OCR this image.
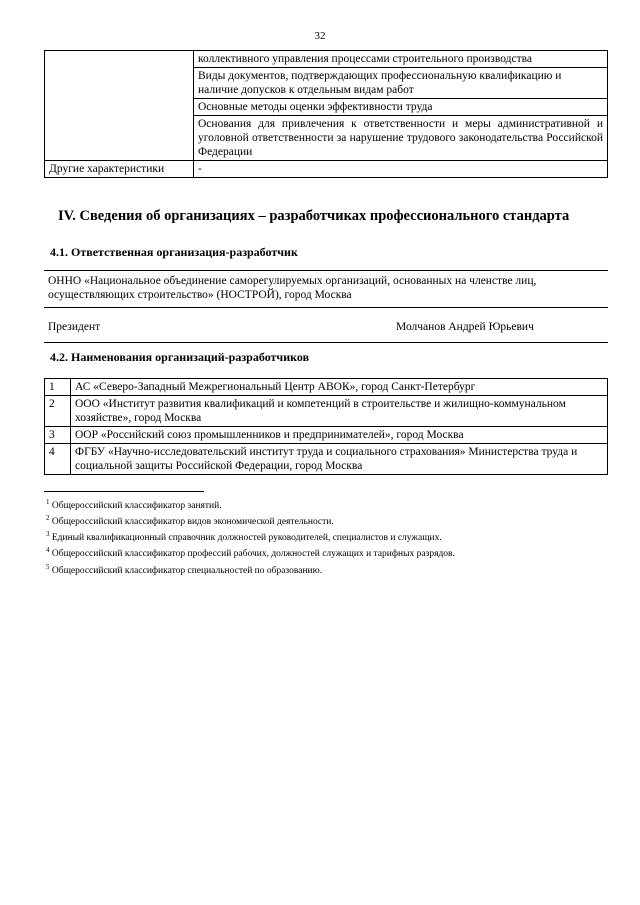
32
	коллективного управления процессами строительного производства
	Виды документов, подтверждающих профессиональную квалификацию и наличие допусков к отдельным видам работ
	Основные методы оценки эффективности труда
	Основания для привлечения к ответственности и меры административной и уголовной ответственности за нарушение трудового законодательства Российской Федерации
Другие характеристики	-
IV. Сведения об организациях – разработчиках профессионального стандарта
4.1. Ответственная организация-разработчик
ОННО «Национальное объединение саморегулируемых организаций, основанных на членстве лиц, осуществляющих строительство» (НОСТРОЙ), город Москва
Президент	Молчанов Андрей Юрьевич
4.2. Наименования организаций-разработчиков
1	АС «Северо-Западный Межрегиональный Центр АВОК», город Санкт-Петербург
2	ООО «Институт развития квалификаций и компетенций в строительстве и жилищно-коммунальном хозяйстве», город Москва
3	ООР «Российский союз промышленников и предпринимателей», город Москва
4	ФГБУ «Научно-исследовательский институт труда и социального страхования» Министерства труда и социальной защиты Российской Федерации, город Москва
$^1$ Общероссийский классификатор занятий.
$^2$ Общероссийский классификатор видов экономической деятельности.
$^3$ Единый квалификационный справочник должностей руководителей, специалистов и служащих.
$^4$ Общероссийский классификатор профессий рабочих, должностей служащих и тарифных разрядов.
$^5$ Общероссийский классификатор специальностей по образованию.
